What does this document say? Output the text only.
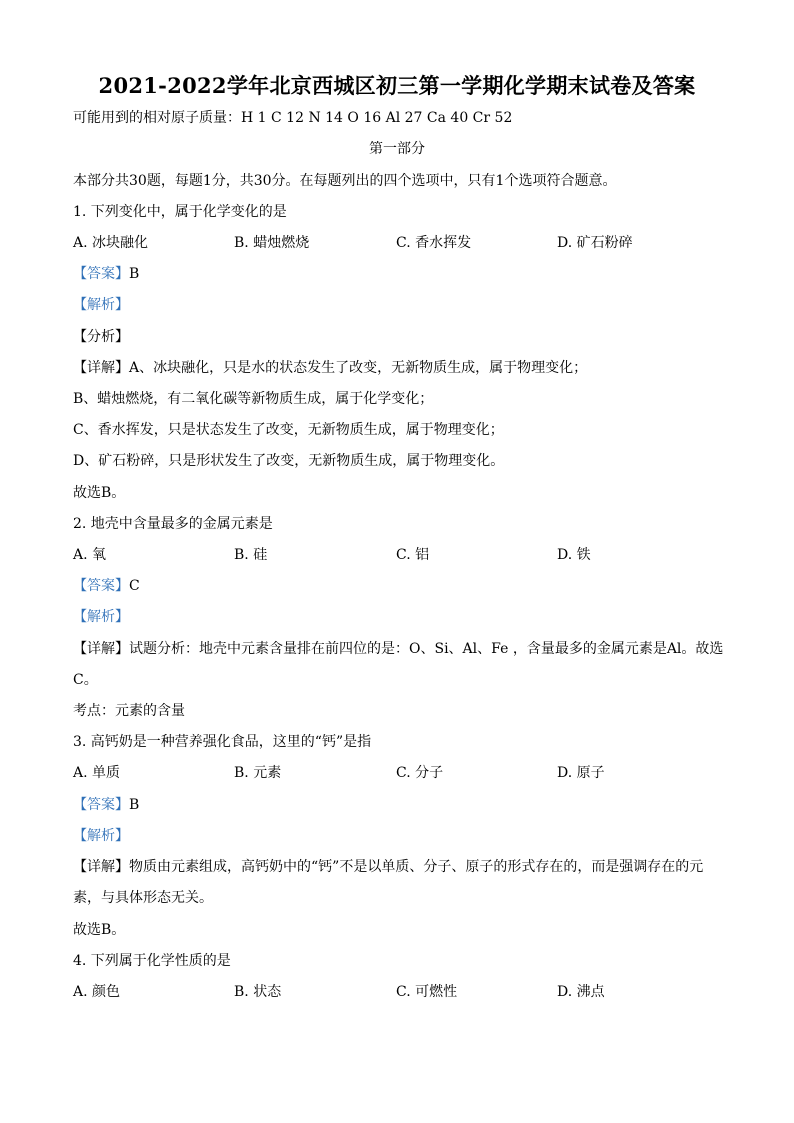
2021-2022学年北京西城区初三第一学期化学期末试卷及答案
可能用到的相对原子质量：H 1 C 12 N 14 O 16 Al 27 Ca 40 Cr 52
第一部分
本部分共30题，每题1分，共30分。在每题列出的四个选项中，只有1个选项符合题意。
1. 下列变化中，属于化学变化的是
A. 冰块融化	B. 蜡烛燃烧	C. 香水挥发	D. 矿石粉碎
【答案】B
【解析】
【分析】
【详解】A、冰块融化，只是水的状态发生了改变，无新物质生成，属于物理变化；
B、蜡烛燃烧，有二氧化碳等新物质生成，属于化学变化；
C、香水挥发，只是状态发生了改变，无新物质生成，属于物理变化；
D、矿石粉碎，只是形状发生了改变，无新物质生成，属于物理变化。
故选B。
2. 地壳中含量最多的金属元素是
A. 氧	B. 硅	C. 铝	D. 铁
【答案】C
【解析】
【详解】试题分析：地壳中元素含量排在前四位的是：O、Si、Al、Fe ，含量最多的金属元素是Al。故选
C。
考点：元素的含量
3. 高钙奶是一种营养强化食品，这里的“钙”是指
A. 单质	B. 元素	C. 分子	D. 原子
【答案】B
【解析】
【详解】物质由元素组成，高钙奶中的“钙”不是以单质、分子、原子的形式存在的，而是强调存在的元
素，与具体形态无关。
故选B。
4. 下列属于化学性质的是
A. 颜色	B. 状态	C. 可燃性	D. 沸点
